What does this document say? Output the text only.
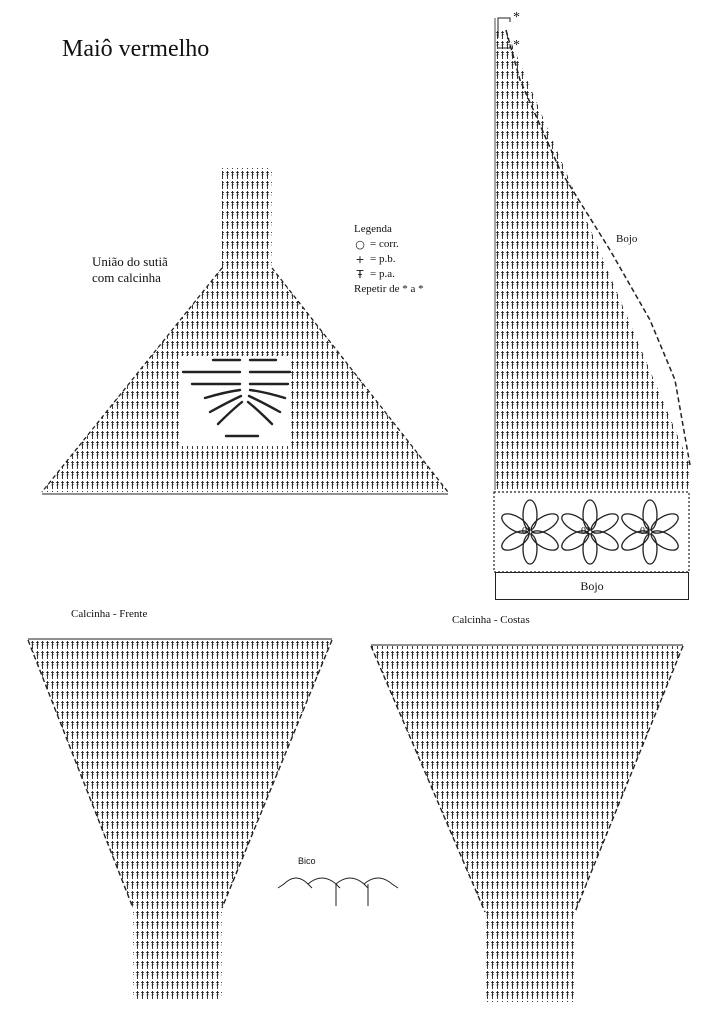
Maiô vermelho
União do sutiã
com calcinha
Legenda
○ = corr.
+ = p.b.
Ŧ = p.a.
Repetir de * a *
Bojo
*
*
01	02	03
Bojo
Calcinha - Frente	Calcinha - Costas
Bico
